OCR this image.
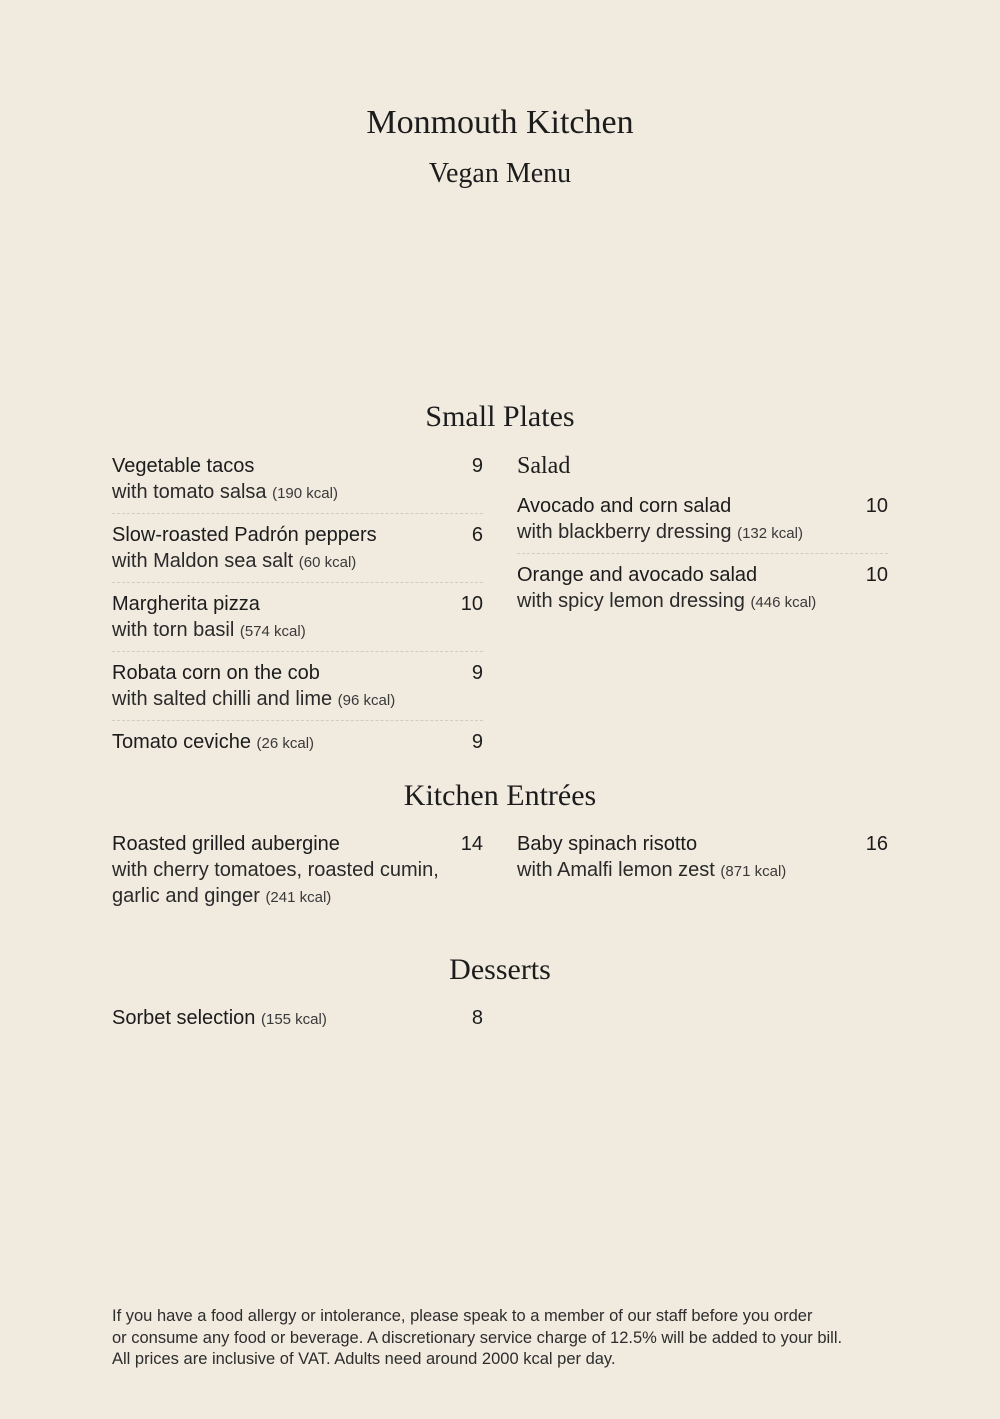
Monmouth Kitchen
Vegan Menu
Small Plates
Vegetable tacos	9
with tomato salsa (190 kcal)
Slow-roasted Padrón peppers	6
with Maldon sea salt (60 kcal)
Margherita pizza	10
with torn basil (574 kcal)
Robata corn on the cob	9
with salted chilli and lime (96 kcal)
Tomato ceviche (26 kcal)	9
Salad
Avocado and corn salad	10
with blackberry dressing (132 kcal)
Orange and avocado salad	10
with spicy lemon dressing (446 kcal)
Kitchen Entrées
Roasted grilled aubergine	14
with cherry tomatoes, roasted cumin,
garlic and ginger (241 kcal)
Baby spinach risotto	16
with Amalfi lemon zest (871 kcal)
Desserts
Sorbet selection (155 kcal)	8
If you have a food allergy or intolerance, please speak to a member of our staff before you order
or consume any food or beverage. A discretionary service charge of 12.5% will be added to your bill.
All prices are inclusive of VAT. Adults need around 2000 kcal per day.
